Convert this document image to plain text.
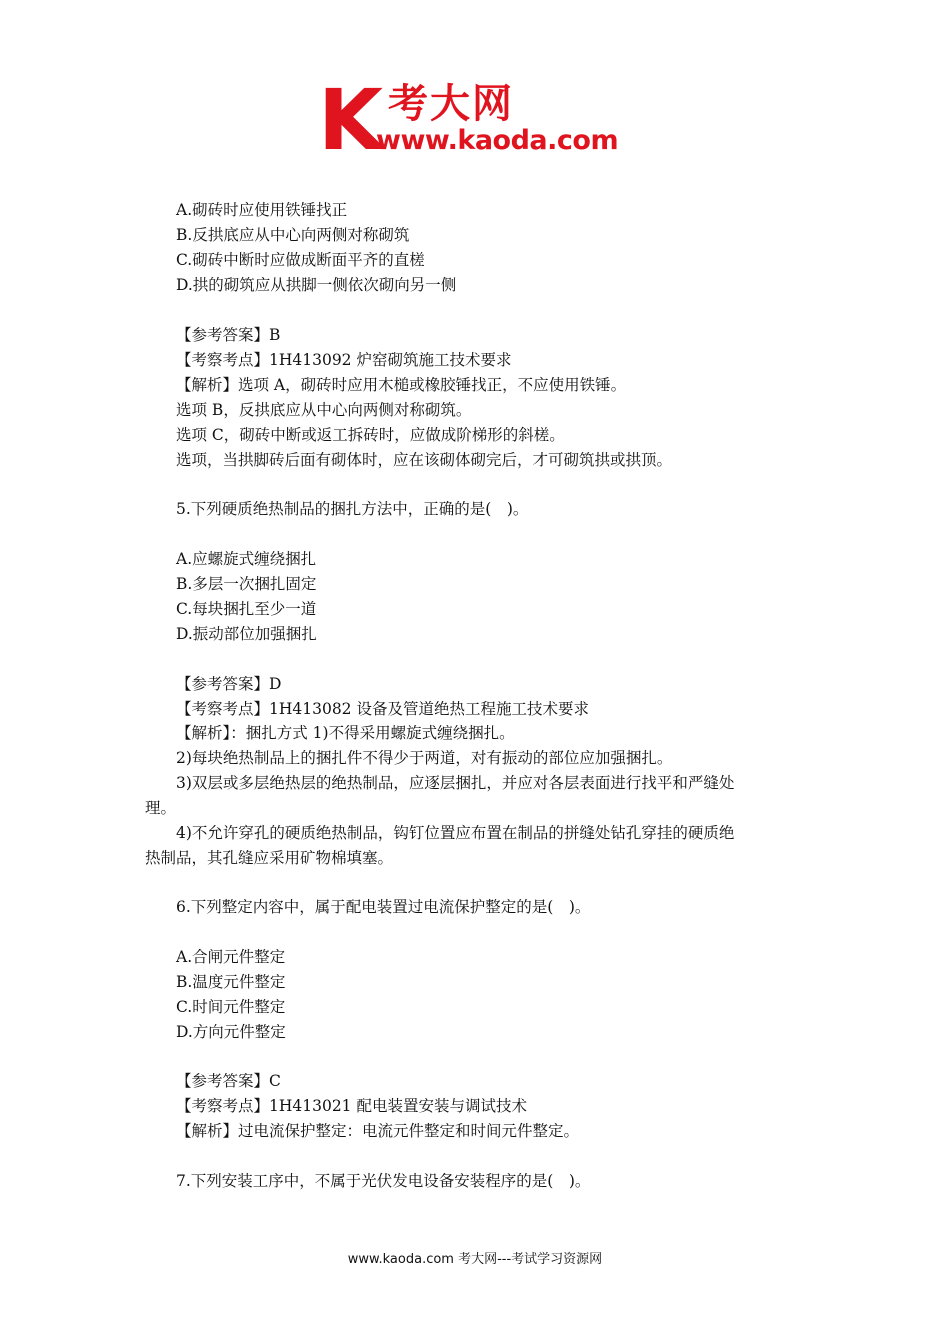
K 考大网
www.kaoda.com
A.砌砖时应使用铁锤找正
B.反拱底应从中心向两侧对称砌筑
C.砌砖中断时应做成断面平齐的直槎
D.拱的砌筑应从拱脚一侧依次砌向另一侧
【参考答案】B
【考察考点】1H413092 炉窑砌筑施工技术要求
【解析】选项 A，砌砖时应用木槌或橡胶锤找正，不应使用铁锤。
选项 B，反拱底应从中心向两侧对称砌筑。
选项 C，砌砖中断或返工拆砖时，应做成阶梯形的斜槎。
选项，当拱脚砖后面有砌体时，应在该砌体砌完后，才可砌筑拱或拱顶。
5.下列硬质绝热制品的捆扎方法中，正确的是(　)。
A.应螺旋式缠绕捆扎
B.多层一次捆扎固定
C.每块捆扎至少一道
D.振动部位加强捆扎
【参考答案】D
【考察考点】1H413082 设备及管道绝热工程施工技术要求
【解析】：捆扎方式 1)不得采用螺旋式缠绕捆扎。
2)每块绝热制品上的捆扎件不得少于两道，对有振动的部位应加强捆扎。
3)双层或多层绝热层的绝热制品，应逐层捆扎，并应对各层表面进行找平和严缝处
理。
4)不允许穿孔的硬质绝热制品，钩钉位置应布置在制品的拼缝处钻孔穿挂的硬质绝
热制品，其孔缝应采用矿物棉填塞。
6.下列整定内容中，属于配电装置过电流保护整定的是(　)。
A.合闸元件整定
B.温度元件整定
C.时间元件整定
D.方向元件整定
【参考答案】C
【考察考点】1H413021 配电装置安装与调试技术
【解析】过电流保护整定：电流元件整定和时间元件整定。
7.下列安装工序中，不属于光伏发电设备安装程序的是(　)。
www.kaoda.com 考大网---考试学习资源网
